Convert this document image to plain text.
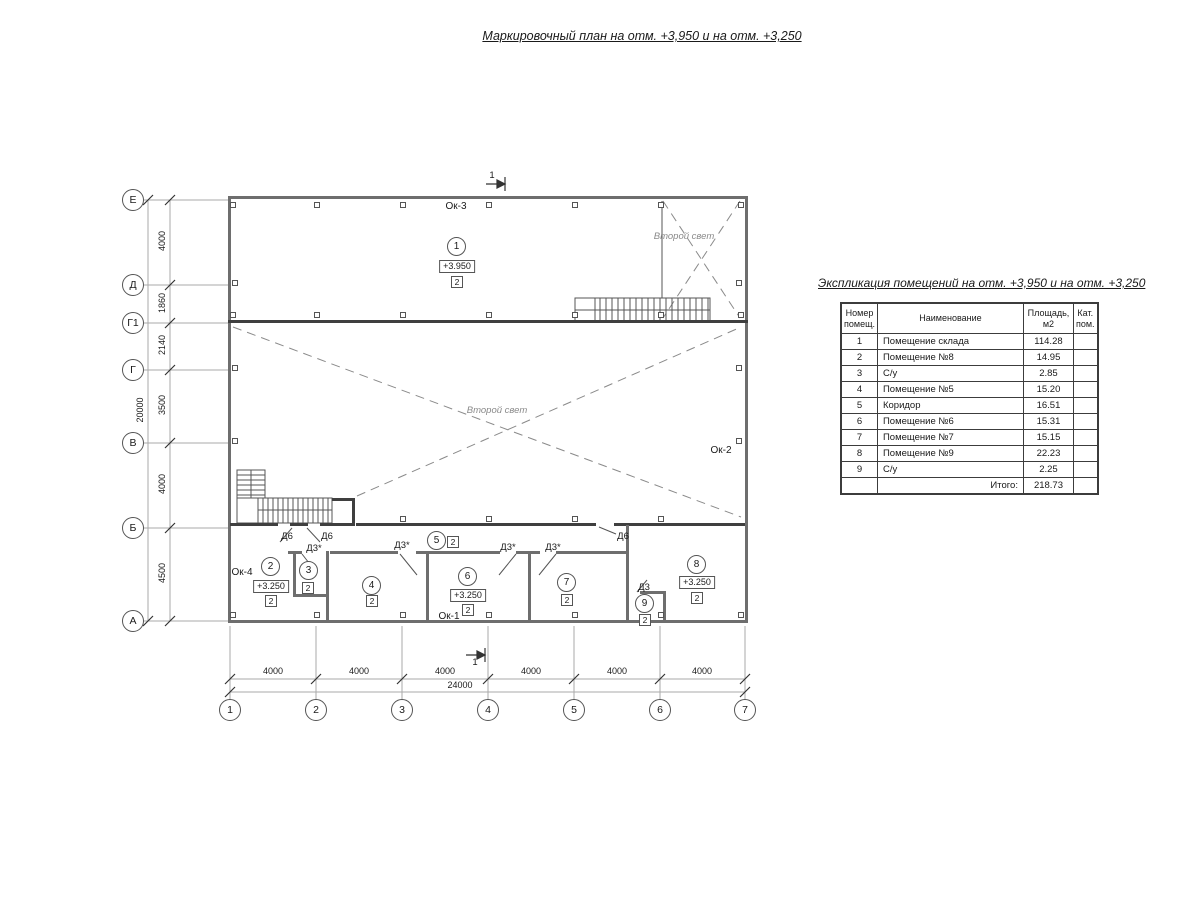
Маркировочный план на отм. +3,950 и на отм. +3,250
Экспликация помещений на отм. +3,950 и на отм. +3,250
Е
Д
Г1
Г
В
Б
А
1	2	3	4	5	6	7
4000
1860
2140
3500
4000
4500
20000
4000	4000	4000	4000	4000	4000
24000
1
1
Ок-3
Ок-2
Ок-4
Ок-1
Д6	Д6	Д6
Д3*	Д3*	Д3*	Д3*
Д3
Второй свет
Второй свет
1
2	3
4
5
6
7
8
9
+3.950
+3.250
+3.250
+3.250
2
2
2
2
2
2
2	2
2
Номер помещ.	Наименование	Площадь, м2	Кат. пом.
1	Помещение склада	114.28	
2	Помещение №8	14.95	
3	С/у	2.85	
4	Помещение №5	15.20	
5	Коридор	16.51	
6	Помещение №6	15.31	
7	Помещение №7	15.15	
8	Помещение №9	22.23	
9	С/у	2.25	
	Итого:	218.73	
